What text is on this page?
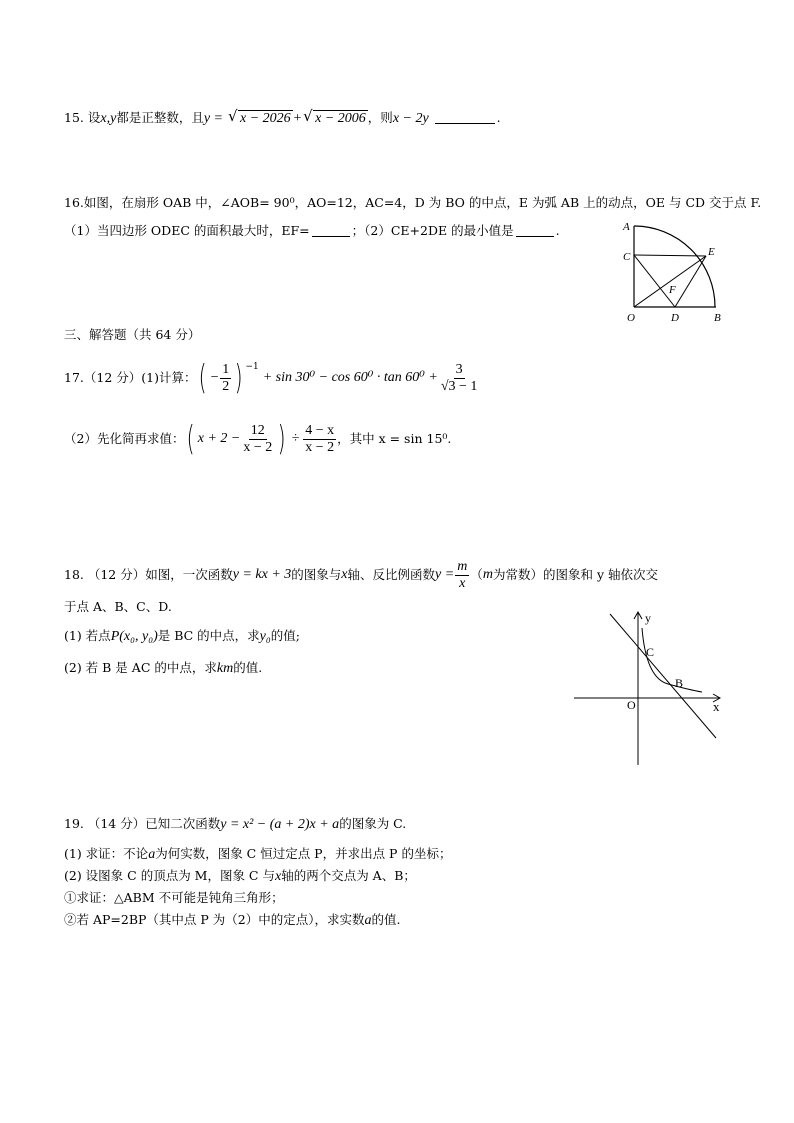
15. 设x,y都是正整数，且y = √ x − 2026 + √ x − 2006 ，则x − 2y	.
16.如图，在扇形 OAB 中，∠AOB= 90⁰，AO=12，AC=4，D 为 BO 的中点，E 为弧 AB 上的动点，OE 与 CD 交于点 F.
（1）当四边形 ODEC 的面积最大时，EF=	；（2）CE+2DE 的最小值是	.	A
C	E
F
O	D	B
三、解答题（共 64 分）
17.（12 分）(1)计算： ( − $\frac{1}{2}$ ) $^{-1}$
+ $\sin 30^0 - \cos 60^0 \cdot \tan 60^0 + \frac{3}{√3 - 1}$
（2）先化简再求值： ( $x + 2 - \frac{12}{x - 2}$ ) ÷ $\frac{4 - x}{x - 2}$ ，其中 x = sin 15⁰.
18. （12 分）如图，一次函数 y = kx + 3 的图象与 x 轴、反比例函数 $y = \frac{m}{x}$ （ m 为常数）的图象和 y 轴依次交
于点 A、B、C、D.
(1) 若点P(x₀, y₀)是 BC 的中点，求y₀的值;
(2) 若 B 是 AC 的中点，求km的值.
y
x
O
C
B
19. （14 分）已知二次函数y = x² − (a + 2)x + a的图象为 C.
(1) 求证：不论a为何实数，图象 C 恒过定点 P，并求出点 P 的坐标；
(2) 设图象 C 的顶点为 M，图象 C 与x轴的两个交点为 A、B；
①求证：△ABM 不可能是钝角三角形；
②若 AP=2BP（其中点 P 为（2）中的定点），求实数a的值.
